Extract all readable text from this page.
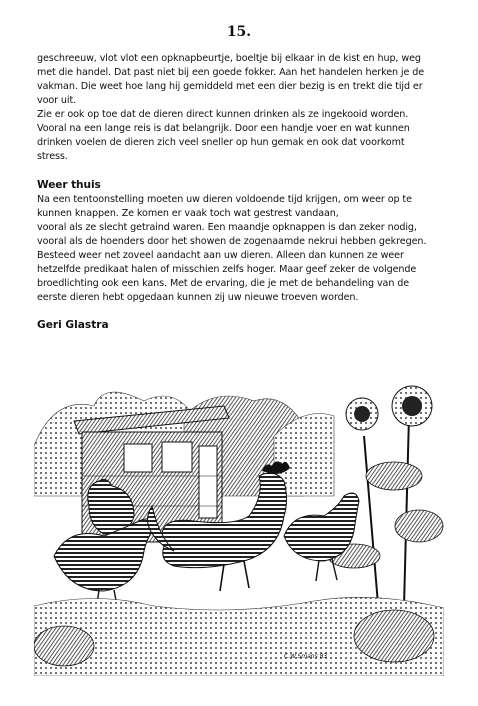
15.

geschreeuw, vlot vlot een opknapbeurtje, boeltje bij elkaar in de kist en hup, weg

met die handel. Dat past niet bij een goede fokker. Aan het handelen herken je de

vakman. Die weet hoe lang hij gemiddeld met een dier bezig is en trekt die tijd er

voor uit.

Zie er ook op toe dat de dieren direct kunnen drinken als ze ingekooid worden.

Vooral na een lange reis is dat belangrijk. Door een handje voer en wat kunnen

drinken voelen de dieren zich veel sneller op hun gemak en ook dat voorkomt

stress.

Weer thuis

Na een tentoonstelling moeten uw dieren voldoende tijd krijgen, om weer op te

kunnen knappen. Ze komen er vaak toch wat gestrest vandaan,

vooral als ze slecht getraind waren. Een maandje opknappen is dan zeker nodig,

vooral als de hoenders door het showen de zogenaamde nekrui hebben gekregen.

Besteed weer net zoveel aandacht aan uw dieren. Alleen dan kunnen ze weer

hetzelfde predikaat halen of misschien zelfs hoger. Maar geef zeker de volgende

broedlichting ook een kans. Met de ervaring, die je met de behandeling van de

eerste dieren hebt opgedaan kunnen zij uw nieuwe troeven worden.

Geri Glastra
C.W.Smans 83
